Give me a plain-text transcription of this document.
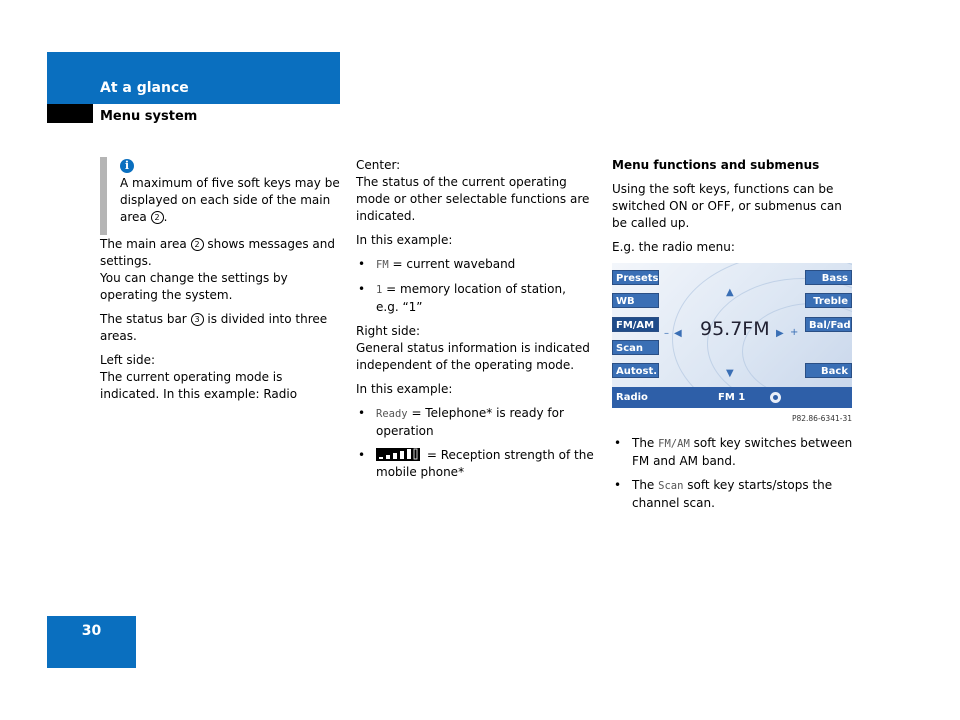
At a glance
Menu system
i
A maximum of five soft keys may be displayed on each side of the main area 2 .

The main area 2 shows messages and settings.
You can change the settings by operating the system.

The status bar 3 is divided into three areas.

Left side:
The current operating mode is indicated. In this example: Radio

Center:
The status of the current operating mode or other selectable functions are indicated.

In this example:

• FM = current waveband
• 1 = memory location of station,
e.g. “1”

Right side:
General status information is indicated independent of the operating mode.

In this example:

• Ready = Telephone* is ready for operation
• = Reception strength of the mobile phone*

Menu functions and submenus

Using the soft keys, functions can be switched ON or OFF, or submenus can be called up.

E.g. the radio menu:

Presets
WB
FM/AM
Scan
Autost.
Bass
Treble
Bal/Fad
Back
▲
▼
– ◀	▶ +
95.7FM
Radio	FM 1
P82.86-6341-31
• The FM/AM soft key switches between FM and AM band.
• The Scan soft key starts/stops the channel scan.
30
